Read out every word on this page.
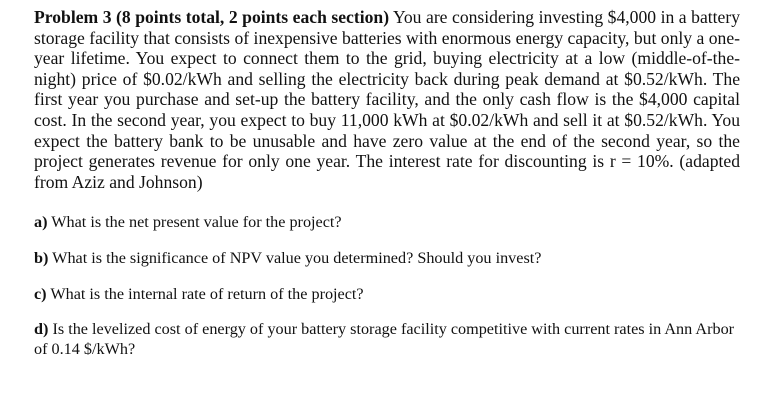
Problem 3 (8 points total, 2 points each section) You are considering investing $4,000 in a battery storage facility that consists of inexpensive batteries with enormous energy capacity, but only a one-year lifetime. You expect to connect them to the grid, buying electricity at a low (middle-of-the-night) price of $0.02/kWh and selling the electricity back during peak demand at $0.52/kWh. The first year you purchase and set-up the battery facility, and the only cash flow is the $4,000 capital cost. In the second year, you expect to buy 11,000 kWh at $0.02/kWh and sell it at $0.52/kWh. You expect the battery bank to be unusable and have zero value at the end of the second year, so the project generates revenue for only one year. The interest rate for discounting is r = 10%. (adapted from Aziz and Johnson)

a) What is the net present value for the project?

b) What is the significance of NPV value you determined? Should you invest?

c) What is the internal rate of return of the project?

d) Is the levelized cost of energy of your battery storage facility competitive with current rates in Ann Arbor of 0.14 $/kWh?
